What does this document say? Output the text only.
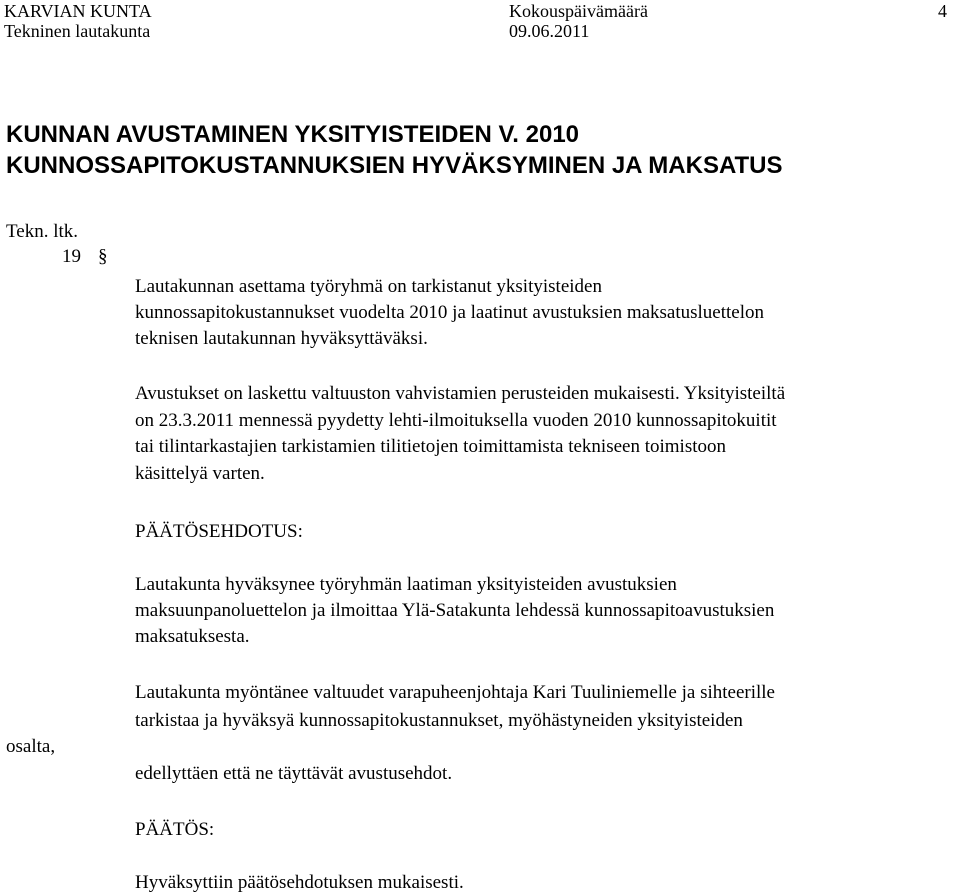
KARVIAN KUNTA
Tekninen lautakunta
Kokouspäivämäärä
09.06.2011
4
KUNNAN AVUSTAMINEN YKSITYISTEIDEN V. 2010
KUNNOSSAPITOKUSTANNUKSIEN HYVÄKSYMINEN JA MAKSATUS
Tekn. ltk.
19 §
osalta,
Lautakunnan asettama työryhmä on tarkistanut yksityisteiden
kunnossapitokustannukset vuodelta 2010 ja laatinut avustuksien maksatusluettelon
teknisen lautakunnan hyväksyttäväksi.
Avustukset on laskettu valtuuston vahvistamien perusteiden mukaisesti. Yksityisteiltä
on 23.3.2011 mennessä pyydetty lehti-ilmoituksella vuoden 2010 kunnossapitokuitit
tai tilintarkastajien tarkistamien tilitietojen toimittamista tekniseen toimistoon
käsittelyä varten.
PÄÄTÖSEHDOTUS:
Lautakunta hyväksynee työryhmän laatiman yksityisteiden avustuksien
maksuunpanoluettelon ja ilmoittaa Ylä-Satakunta lehdessä kunnossapitoavustuksien
maksatuksesta.
Lautakunta myöntänee valtuudet varapuheenjohtaja Kari Tuuliniemelle ja sihteerille
tarkistaa ja hyväksyä kunnossapitokustannukset, myöhästyneiden yksityisteiden
edellyttäen että ne täyttävät avustusehdot.
PÄÄTÖS:
Hyväksyttiin päätösehdotuksen mukaisesti.
